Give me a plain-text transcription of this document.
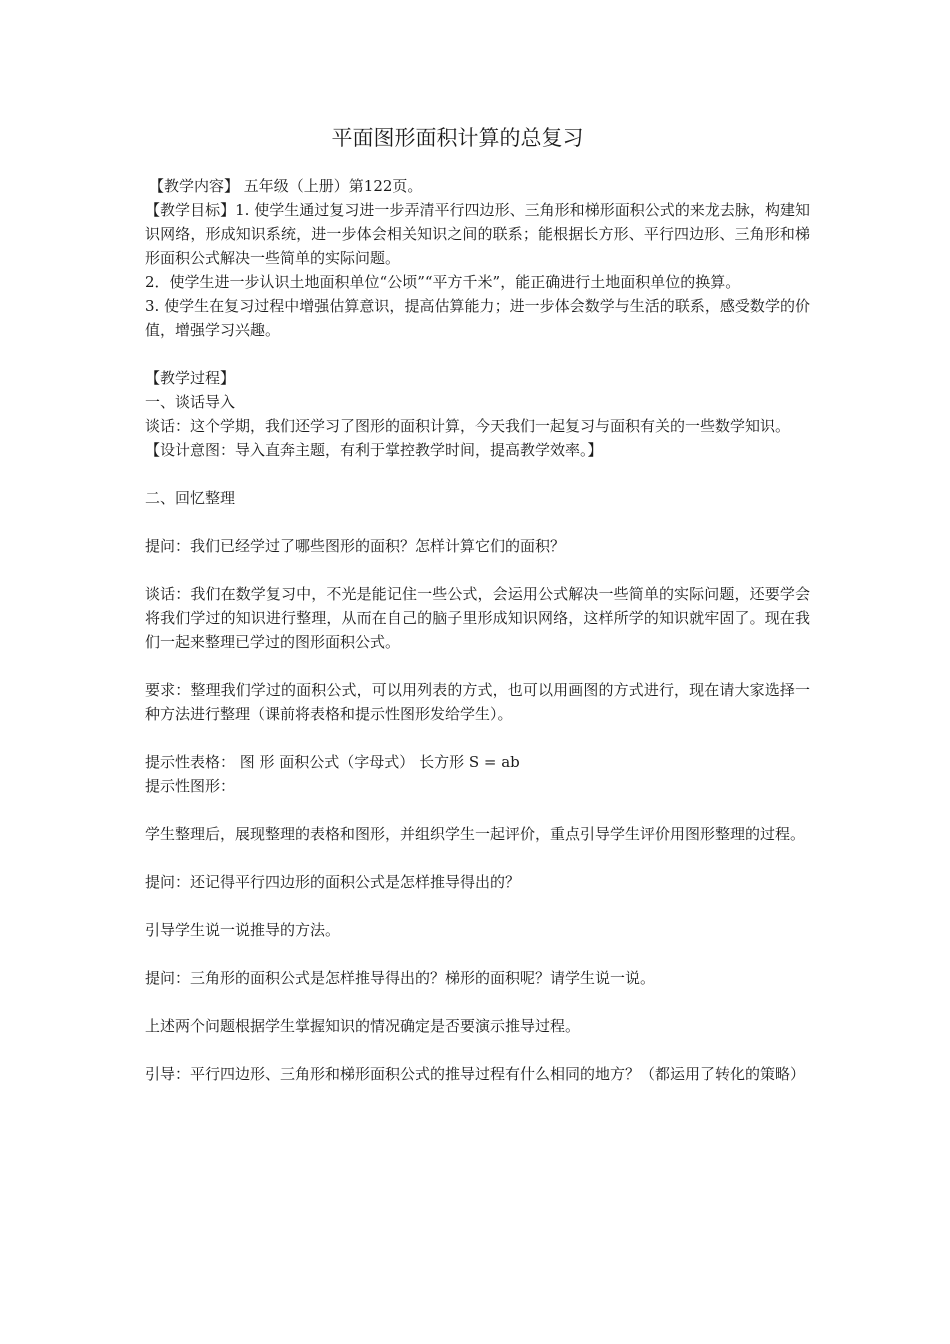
平面图形面积计算的总复习

【教学内容】 五年级（上册）第122页。

【教学目标】1. 使学生通过复习进一步弄清平行四边形、三角形和梯形面积公式的来龙去脉，构建知识网络，形成知识系统，进一步体会相关知识之间的联系；能根据长方形、平行四边形、三角形和梯形面积公式解决一些简单的实际问题。

2．使学生进一步认识土地面积单位“公顷”“平方千米”，能正确进行土地面积单位的换算。

3. 使学生在复习过程中增强估算意识，提高估算能力；进一步体会数学与生活的联系，感受数学的价值，增强学习兴趣。

【教学过程】

一、谈话导入

谈话：这个学期，我们还学习了图形的面积计算，今天我们一起复习与面积有关的一些数学知识。

【设计意图：导入直奔主题，有利于掌控教学时间，提高教学效率。】

二、回忆整理

提问：我们已经学过了哪些图形的面积？怎样计算它们的面积？

谈话：我们在数学复习中，不光是能记住一些公式，会运用公式解决一些简单的实际问题，还要学会将我们学过的知识进行整理，从而在自己的脑子里形成知识网络，这样所学的知识就牢固了。现在我们一起来整理已学过的图形面积公式。

要求：整理我们学过的面积公式，可以用列表的方式，也可以用画图的方式进行，现在请大家选择一种方法进行整理（课前将表格和提示性图形发给学生）。

提示性表格： 图 形 面积公式（字母式） 长方形 S = ab

提示性图形：

学生整理后，展现整理的表格和图形，并组织学生一起评价，重点引导学生评价用图形整理的过程。

提问：还记得平行四边形的面积公式是怎样推导得出的？

引导学生说一说推导的方法。

提问：三角形的面积公式是怎样推导得出的？梯形的面积呢？请学生说一说。

上述两个问题根据学生掌握知识的情况确定是否要演示推导过程。

引导：平行四边形、三角形和梯形面积公式的推导过程有什么相同的地方？（都运用了转化的策略）
